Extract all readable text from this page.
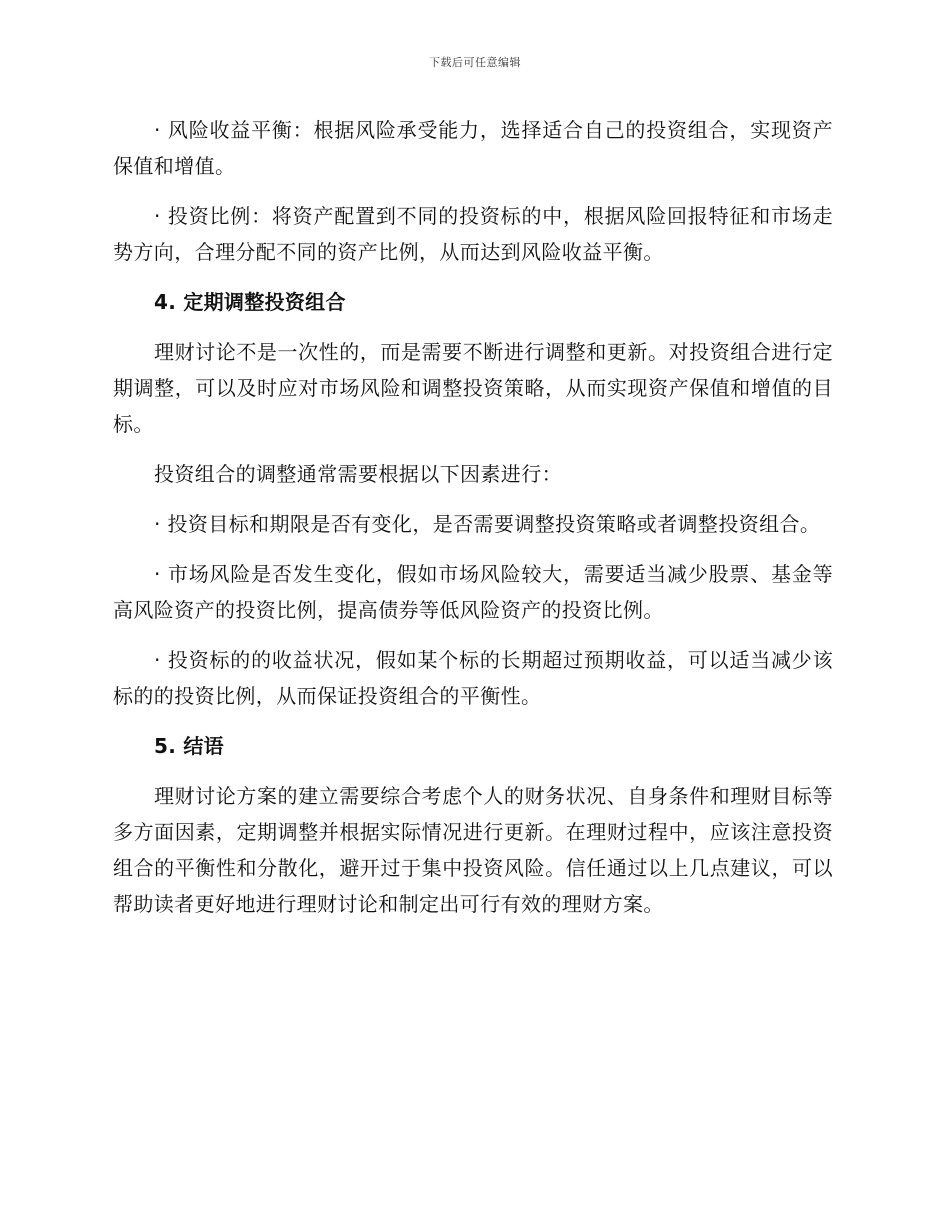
下载后可任意编辑

· 风险收益平衡：根据风险承受能力，选择适合自己的投资组合，实现资产保值和增值。

· 投资比例：将资产配置到不同的投资标的中，根据风险回报特征和市场走势方向，合理分配不同的资产比例，从而达到风险收益平衡。

4. 定期调整投资组合

理财讨论不是一次性的，而是需要不断进行调整和更新。对投资组合进行定期调整，可以及时应对市场风险和调整投资策略，从而实现资产保值和增值的目标。

投资组合的调整通常需要根据以下因素进行：

· 投资目标和期限是否有变化，是否需要调整投资策略或者调整投资组合。

· 市场风险是否发生变化，假如市场风险较大，需要适当减少股票、基金等高风险资产的投资比例，提高债券等低风险资产的投资比例。

· 投资标的的收益状况，假如某个标的长期超过预期收益，可以适当减少该标的的投资比例，从而保证投资组合的平衡性。

5. 结语

理财讨论方案的建立需要综合考虑个人的财务状况、自身条件和理财目标等多方面因素，定期调整并根据实际情况进行更新。在理财过程中，应该注意投资组合的平衡性和分散化，避开过于集中投资风险。信任通过以上几点建议，可以帮助读者更好地进行理财讨论和制定出可行有效的理财方案。
